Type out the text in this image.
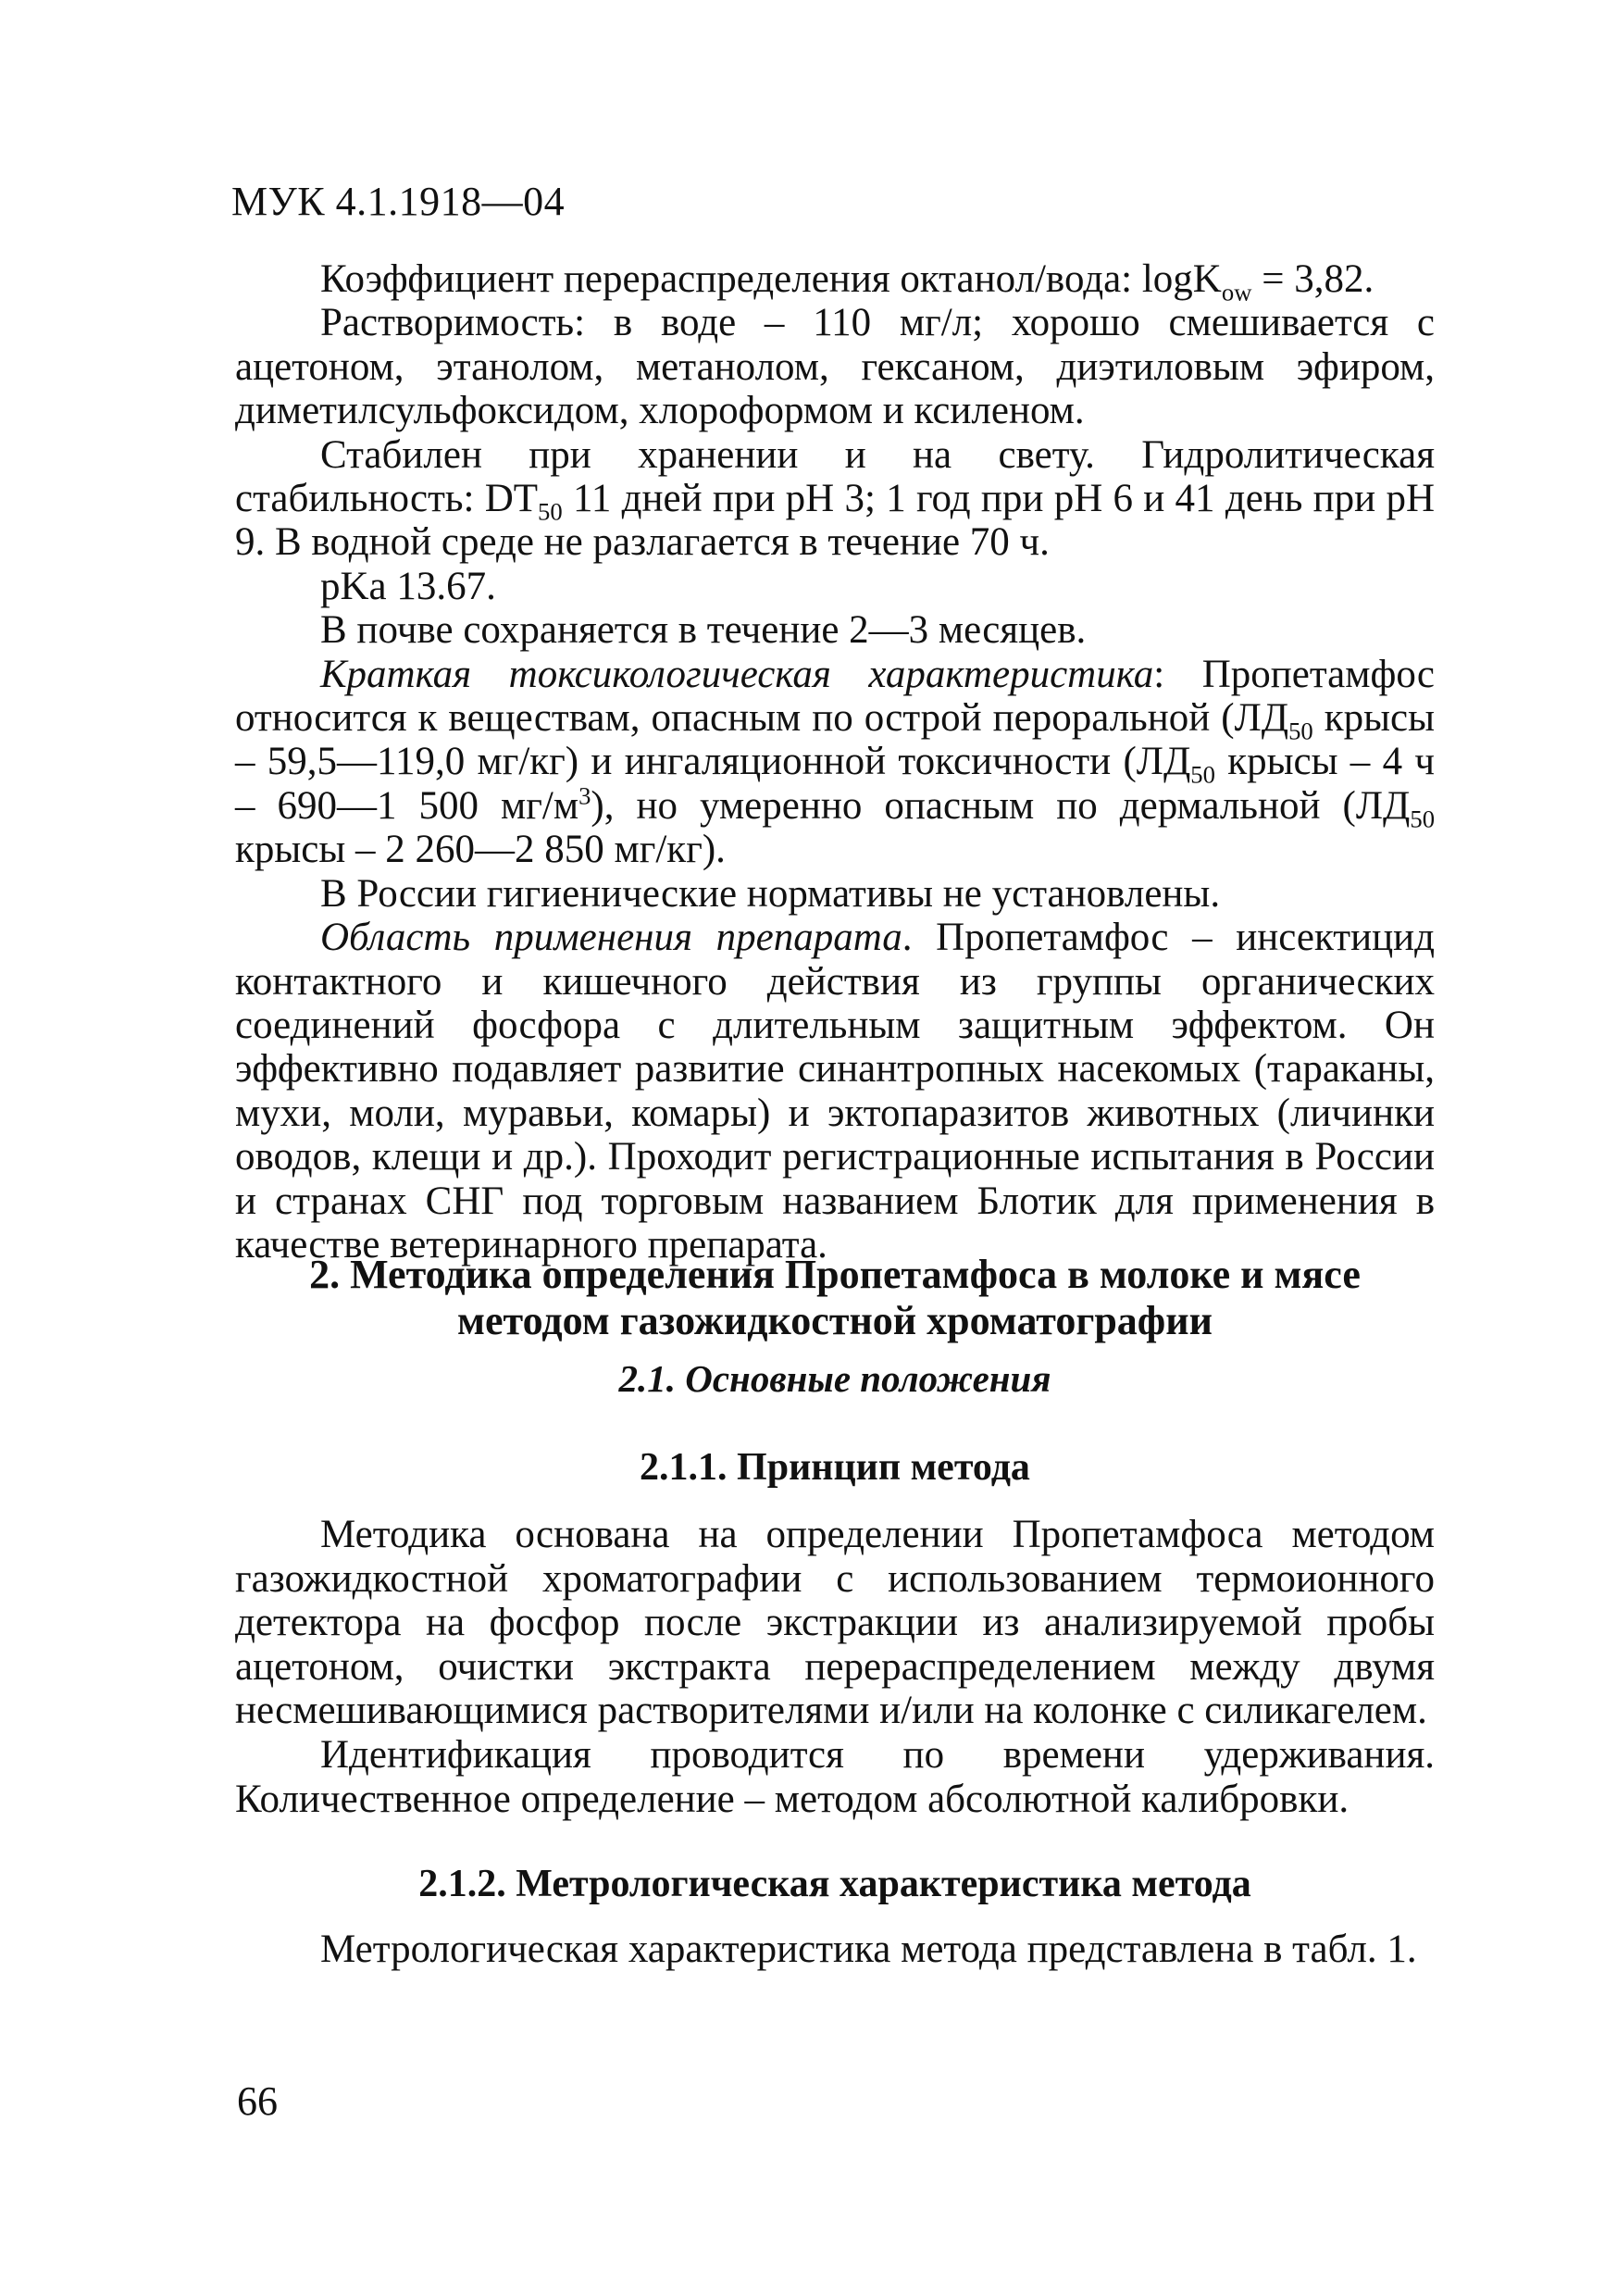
МУК 4.1.1918—04

Коэффициент перераспределения октанол/вода: logK$_{ow}$ = 3,82.

Растворимость: в воде – 110 мг/л; хорошо смешивается с ацетоном, этанолом, метанолом, гексаном, диэтиловым эфиром, диметилсульфоксидом, хлороформом и ксиленом.

Стабилен при хранении и на свету. Гидролитическая стабильность: $DT_{50}$ 11 дней при pH 3; 1 год при pH 6 и 41 день при pH 9. В водной среде не разлагается в течение 70 ч.

pKa 13.67.

В почве сохраняется в течение 2—3 месяцев.

Краткая токсикологическая характеристика: Пропетамфос относится к веществам, опасным по острой пероральной ($ЛД_{50}$ крысы – 59,5—119,0 мг/кг) и ингаляционной токсичности ($ЛД_{50}$ крысы – 4 ч – 690—1 500 $мг/м^3$), но умеренно опасным по дермальной ($ЛД_{50}$ крысы – 2 260—2 850 мг/кг).

В России гигиенические нормативы не установлены.

Область применения препарата. Пропетамфос – инсектицид контактного и кишечного действия из группы органических соединений фосфора с длительным защитным эффектом. Он эффективно подавляет развитие синантропных насекомых (тараканы, мухи, моли, муравьи, комары) и эктопаразитов животных (личинки оводов, клещи и др.). Проходит регистрационные испытания в России и странах СНГ под торговым названием Блотик для применения в качестве ветеринарного препарата.

2. Методика определения Пропетамфоса в молоке и мясе
методом газожидкостной хроматографии
2.1. Основные положения
2.1.1. Принцип метода

Методика основана на определении Пропетамфоса методом газожидкостной хроматографии с использованием термоионного детектора на фосфор после экстракции из анализируемой пробы ацетоном, очистки экстракта перераспределением между двумя несмешивающимися растворителями и/или на колонке с силикагелем.

Идентификация проводится по времени удерживания. Количественное определение – методом абсолютной калибровки.

2.1.2. Метрологическая характеристика метода

Метрологическая характеристика метода представлена в табл. 1.

66
